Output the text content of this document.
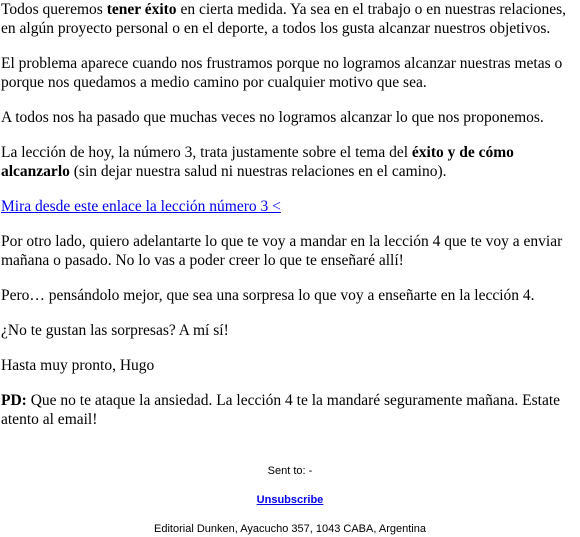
Todos queremos tener éxito en cierta medida. Ya sea en el trabajo o en nuestras relaciones, en algún proyecto personal o en el deporte, a todos los gusta alcanzar nuestros objetivos.

El problema aparece cuando nos frustramos porque no logramos alcanzar nuestras metas o porque nos quedamos a medio camino por cualquier motivo que sea.

A todos nos ha pasado que muchas veces no logramos alcanzar lo que nos proponemos.

La lección de hoy, la número 3, trata justamente sobre el tema del éxito y de cómo alcanzarlo (sin dejar nuestra salud ni nuestras relaciones en el camino).

Mira desde este enlace la lección número 3 <

Por otro lado, quiero adelantarte lo que te voy a mandar en la lección 4 que te voy a enviar mañana o pasado. No lo vas a poder creer lo que te enseñaré allí!

Pero… pensándolo mejor, que sea una sorpresa lo que voy a enseñarte en la lección 4.

¿No te gustan las sorpresas? A mí sí!

Hasta muy pronto, Hugo

PD: Que no te ataque la ansiedad. La lección 4 te la mandaré seguramente mañana. Estate atento al email!

Sent to: -
Unsubscribe
Editorial Dunken, Ayacucho 357, 1043 CABA, Argentina
